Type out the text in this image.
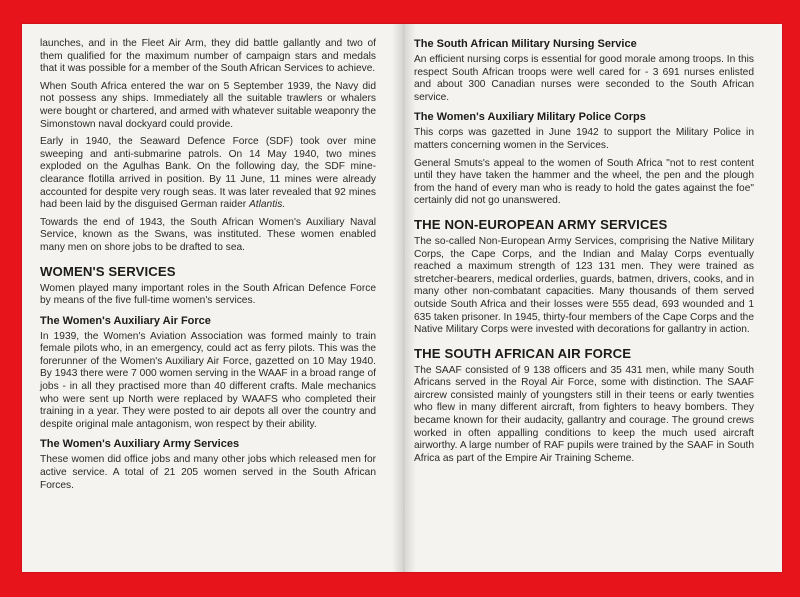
launches, and in the Fleet Air Arm, they did battle gallantly and two of them qualified for the maximum number of campaign stars and medals that it was possible for a member of the South African Services to achieve.

When South Africa entered the war on 5 September 1939, the Navy did not possess any ships. Immediately all the suitable trawlers or whalers were bought or chartered, and armed with whatever suitable weaponry the Simonstown naval dockyard could provide.

Early in 1940, the Seaward Defence Force (SDF) took over mine sweeping and anti-submarine patrols. On 14 May 1940, two mines exploded on the Agulhas Bank. On the following day, the SDF mine-clearance flotilla arrived in position. By 11 June, 11 mines were already accounted for despite very rough seas. It was later revealed that 92 mines had been laid by the disguised German raider Atlantis.

Towards the end of 1943, the South African Women's Auxiliary Naval Service, known as the Swans, was instituted. These women enabled many men on shore jobs to be drafted to sea.

WOMEN'S SERVICES

Women played many important roles in the South African Defence Force by means of the five full-time women's services.

The Women's Auxiliary Air Force

In 1939, the Women's Aviation Association was formed mainly to train female pilots who, in an emergency, could act as ferry pilots. This was the forerunner of the Women's Auxiliary Air Force, gazetted on 10 May 1940. By 1943 there were 7 000 women serving in the WAAF in a broad range of jobs - in all they practised more than 40 different crafts. Male mechanics who were sent up North were replaced by WAAFS who completed their training in a year. They were posted to air depots all over the country and despite original male antagonism, won respect by their ability.

The Women's Auxiliary Army Services

These women did office jobs and many other jobs which released men for active service. A total of 21 205 women served in the South African Forces.

The South African Military Nursing Service

An efficient nursing corps is essential for good morale among troops. In this respect South African troops were well cared for - 3 691 nurses enlisted and about 300 Canadian nurses were seconded to the South African service.

The Women's Auxiliary Military Police Corps

This corps was gazetted in June 1942 to support the Military Police in matters concerning women in the Services.

General Smuts's appeal to the women of South Africa "not to rest content until they have taken the hammer and the wheel, the pen and the plough from the hand of every man who is ready to hold the gates against the foe" certainly did not go unanswered.

THE NON-EUROPEAN ARMY SERVICES

The so-called Non-European Army Services, comprising the Native Military Corps, the Cape Corps, and the Indian and Malay Corps eventually reached a maximum strength of 123 131 men. They were trained as stretcher-bearers, medical orderlies, guards, batmen, drivers, cooks, and in many other non-combatant capacities. Many thousands of them served outside South Africa and their losses were 555 dead, 693 wounded and 1 635 taken prisoner. In 1945, thirty-four members of the Cape Corps and the Native Military Corps were invested with decorations for gallantry in action.

THE SOUTH AFRICAN AIR FORCE

The SAAF consisted of 9 138 officers and 35 431 men, while many South Africans served in the Royal Air Force, some with distinction. The SAAF aircrew consisted mainly of youngsters still in their teens or early twenties who flew in many different aircraft, from fighters to heavy bombers. They became known for their audacity, gallantry and courage. The ground crews worked in often appalling conditions to keep the much used aircraft airworthy. A large number of RAF pupils were trained by the SAAF in South Africa as part of the Empire Air Training Scheme.
